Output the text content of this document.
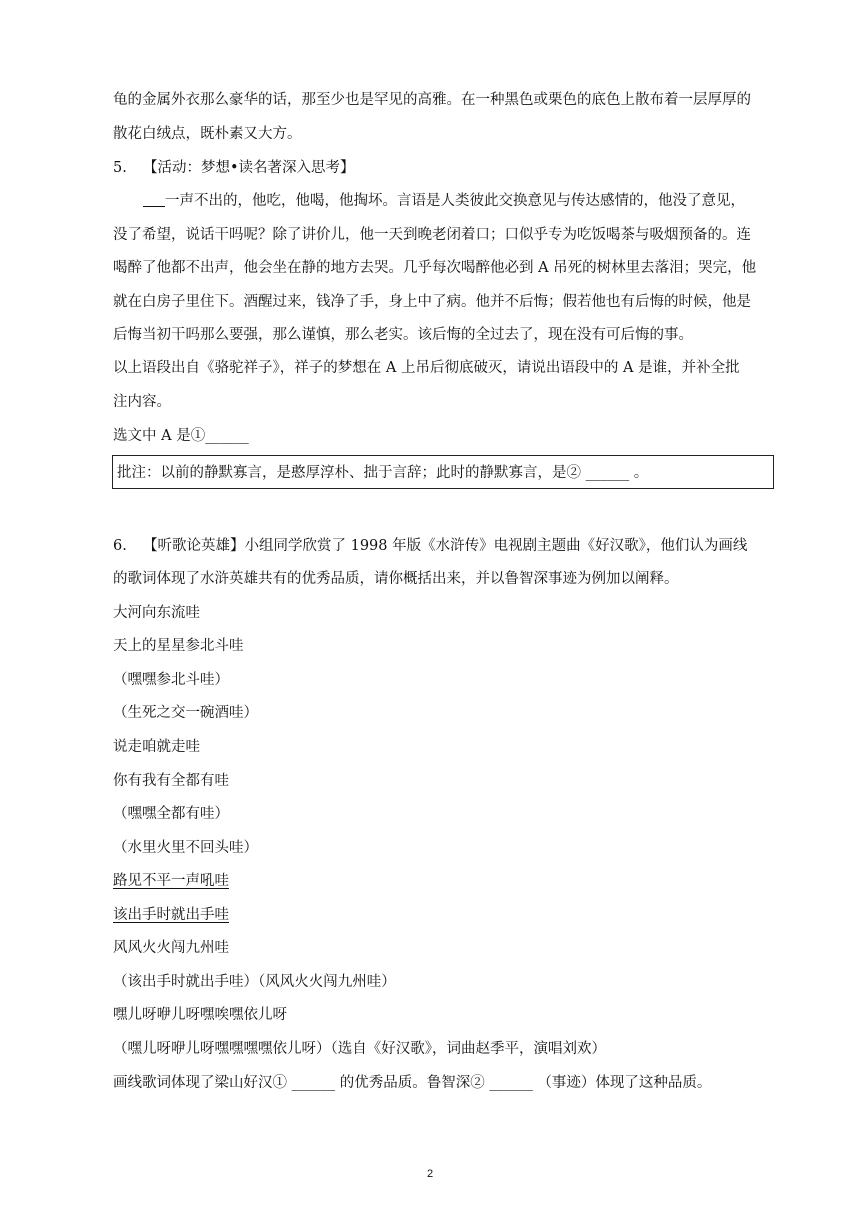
龟的金属外衣那么豪华的话，那至少也是罕见的高雅。在一种黑色或栗色的底色上散布着一层厚厚的
散花白绒点，既朴素又大方。
5. 【活动：梦想•读名著深入思考】
一声不出的，他吃，他喝，他掏坏。言语是人类彼此交换意见与传达感情的，他没了意见，
没了希望，说话干吗呢？除了讲价儿，他一天到晚老闭着口；口似乎专为吃饭喝茶与吸烟预备的。连
喝醉了他都不出声，他会坐在静的地方去哭。几乎每次喝醉他必到 A 吊死的树林里去落泪；哭完，他
就在白房子里住下。酒醒过来，钱净了手，身上中了病。他并不后悔；假若他也有后悔的时候，他是
后悔当初干吗那么要强，那么谨慎，那么老实。该后悔的全过去了，现在没有可后悔的事。
以上语段出自《骆驼祥子》，祥子的梦想在 A 上吊后彻底破灭，请说出语段中的 A 是谁，并补全批
注内容。
选文中 A 是①______
批注：以前的静默寡言，是憨厚淳朴、拙于言辞；此时的静默寡言，是② ______ 。
6. 【听歌论英雄】小组同学欣赏了 1998 年版《水浒传》电视剧主题曲《好汉歌》，他们认为画线
的歌词体现了水浒英雄共有的优秀品质，请你概括出来，并以鲁智深事迹为例加以阐释。
大河向东流哇
天上的星星参北斗哇
（嘿嘿参北斗哇）
（生死之交一碗酒哇）
说走咱就走哇
你有我有全都有哇
（嘿嘿全都有哇）
（水里火里不回头哇）
路见不平一声吼哇
该出手时就出手哇
风风火火闯九州哇
（该出手时就出手哇）（风风火火闯九州哇）
嘿儿呀咿儿呀嘿唉嘿依儿呀
（嘿儿呀咿儿呀嘿嘿嘿嘿依儿呀）（选自《好汉歌》，词曲赵季平，演唱刘欢）
画线歌词体现了梁山好汉① ______ 的优秀品质。鲁智深② ______ （事迹）体现了这种品质。
2
